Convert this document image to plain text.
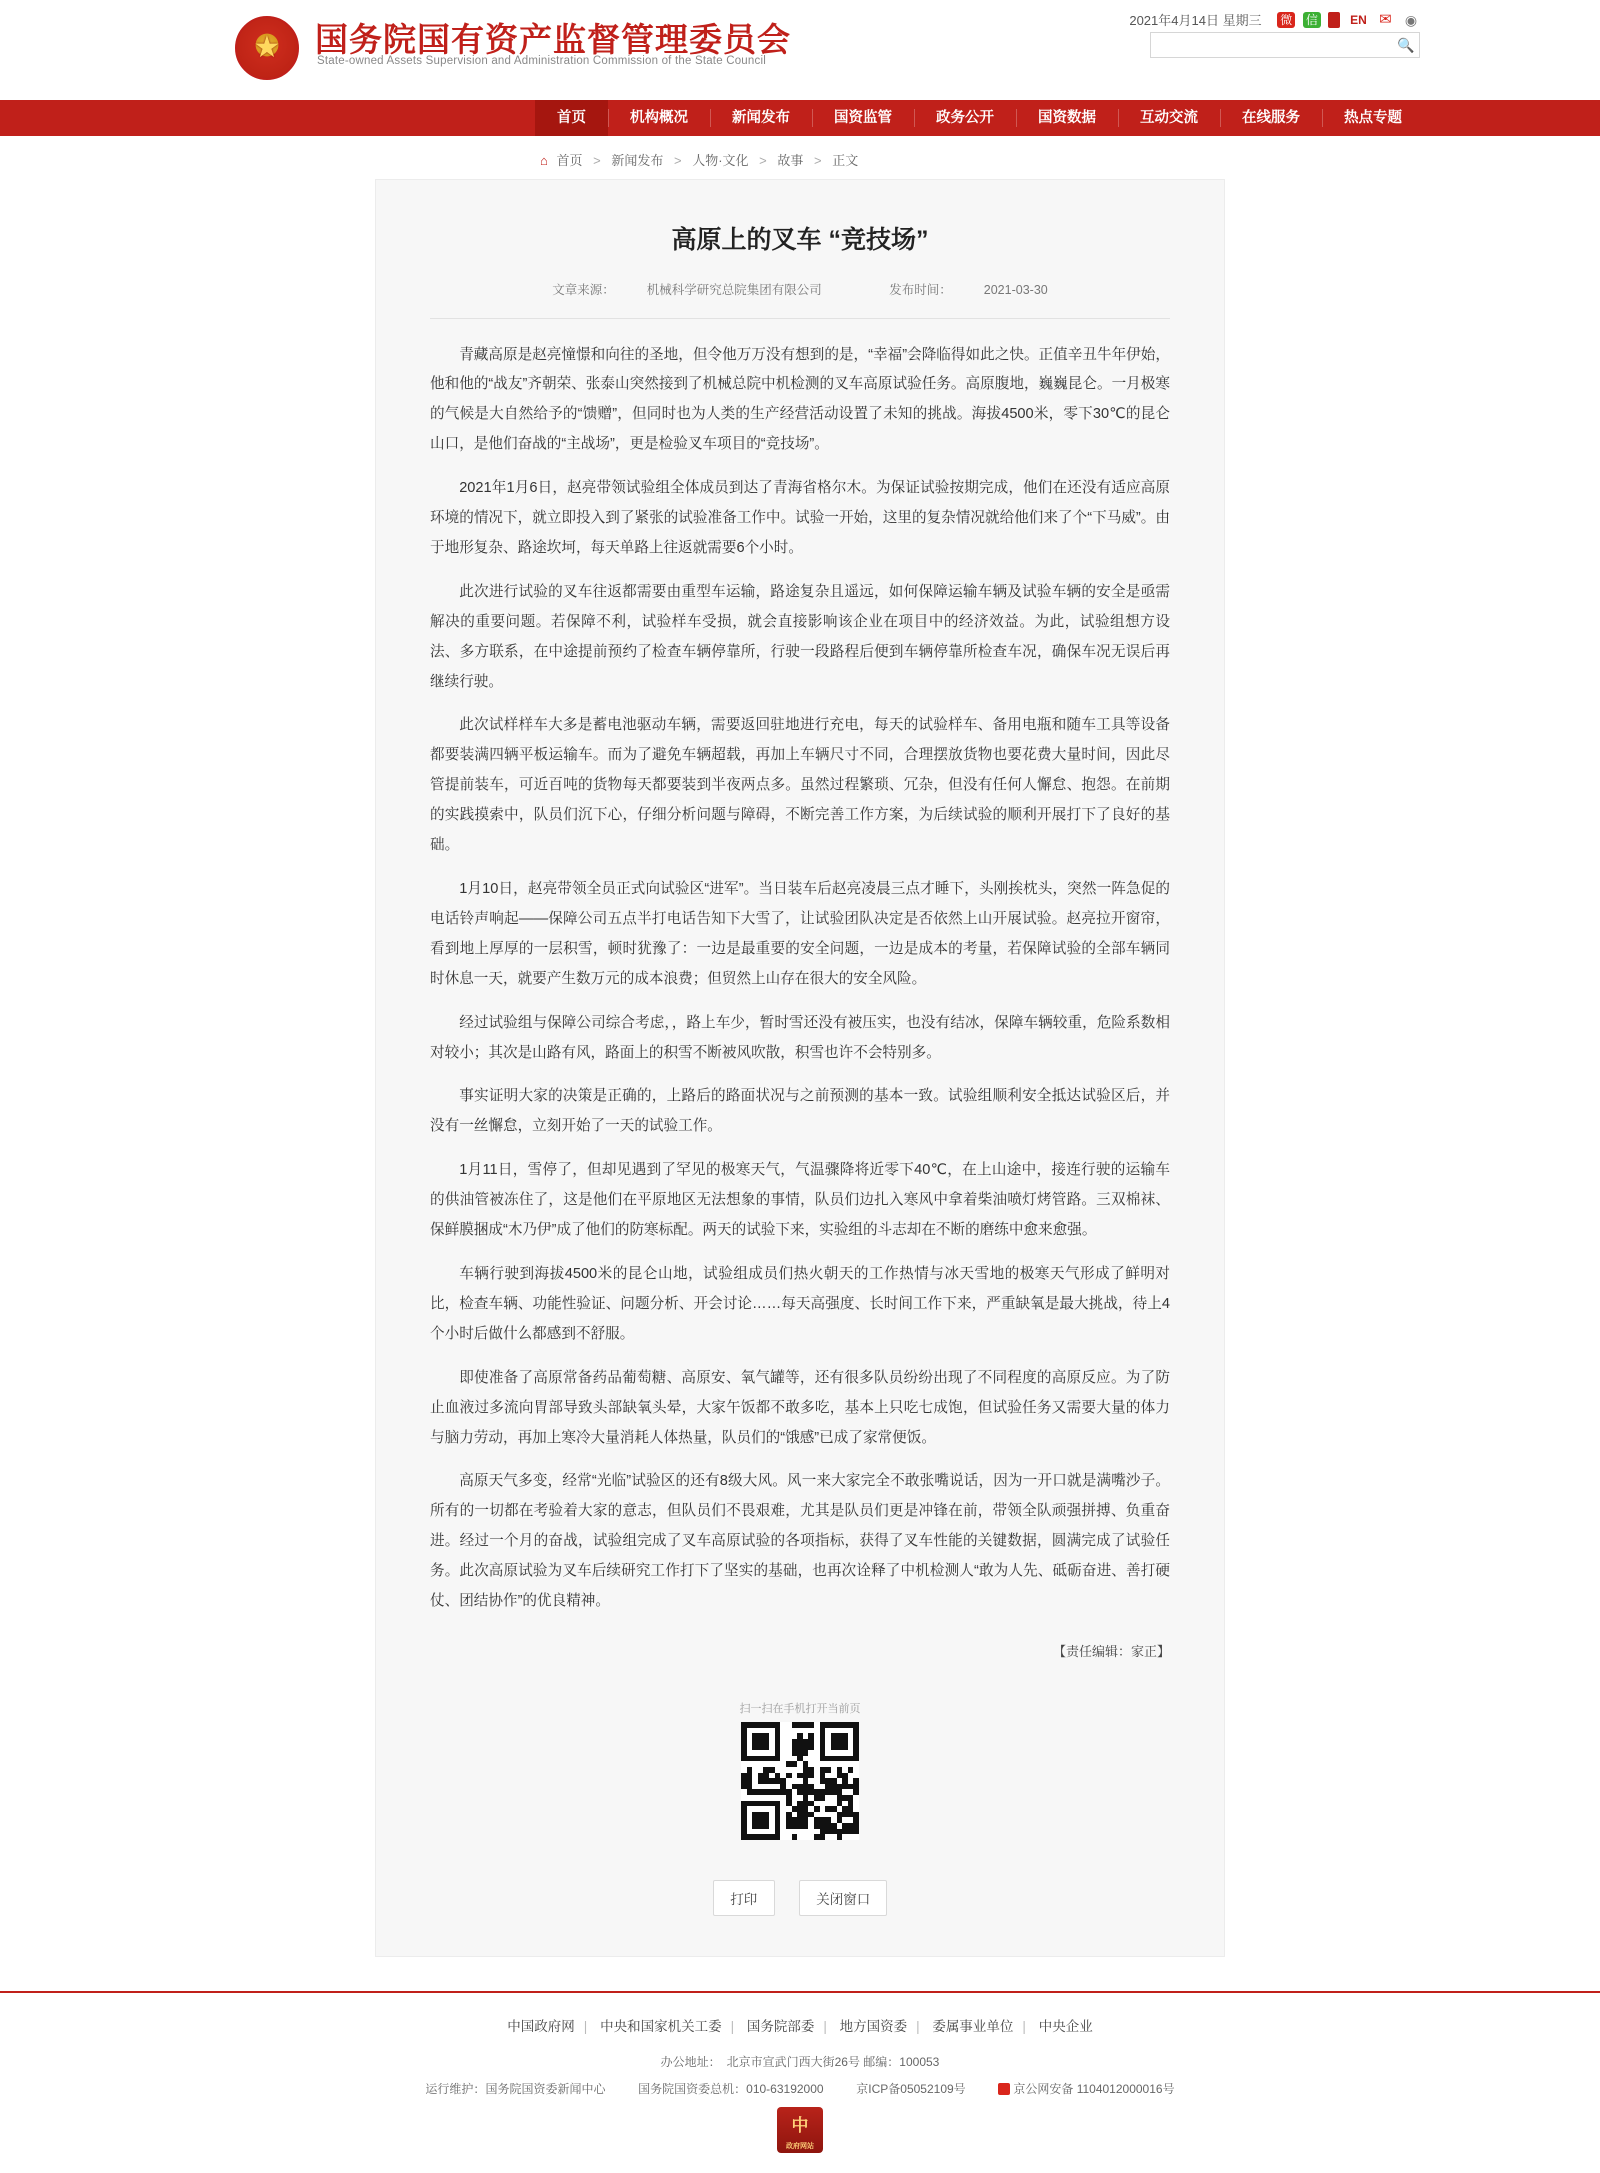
★ 国务院国有资产监督管理委员会
State-owned Assets Supervision and Administration Commission of the State Council
2021年4月14日 星期三 微 信	EN ✉ ◉
🔍
首页	机构概况	新闻发布	国资监管	政务公开	国资数据	互动交流	在线服务	热点专题
⌂ 首页 > 新闻发布 > 人物·文化 > 故事 > 正文
高原上的叉车 “竞技场”
文章来源：	机械科学研究总院集团有限公司	发布时间：	2021-03-30

青藏高原是赵亮憧憬和向往的圣地，但令他万万没有想到的是，“幸福”会降临得如此之快。正值辛丑牛年伊始，他和他的“战友”齐朝荣、张泰山突然接到了机械总院中机检测的叉车高原试验任务。高原腹地，巍巍昆仑。一月极寒的气候是大自然给予的“馈赠”，但同时也为人类的生产经营活动设置了未知的挑战。海拔4500米，零下30℃的昆仑山口，是他们奋战的“主战场”，更是检验叉车项目的“竞技场”。

2021年1月6日，赵亮带领试验组全体成员到达了青海省格尔木。为保证试验按期完成，他们在还没有适应高原环境的情况下，就立即投入到了紧张的试验准备工作中。试验一开始，这里的复杂情况就给他们来了个“下马威”。由于地形复杂、路途坎坷，每天单路上往返就需要6个小时。

此次进行试验的叉车往返都需要由重型车运输，路途复杂且遥远，如何保障运输车辆及试验车辆的安全是亟需解决的重要问题。若保障不利，试验样车受损，就会直接影响该企业在项目中的经济效益。为此，试验组想方设法、多方联系，在中途提前预约了检查车辆停靠所，行驶一段路程后便到车辆停靠所检查车况，确保车况无误后再继续行驶。

此次试样样车大多是蓄电池驱动车辆，需要返回驻地进行充电，每天的试验样车、备用电瓶和随车工具等设备都要装满四辆平板运输车。而为了避免车辆超载，再加上车辆尺寸不同，合理摆放货物也要花费大量时间，因此尽管提前装车，可近百吨的货物每天都要装到半夜两点多。虽然过程繁琐、冗杂，但没有任何人懈怠、抱怨。在前期的实践摸索中，队员们沉下心，仔细分析问题与障碍，不断完善工作方案，为后续试验的顺利开展打下了良好的基础。

1月10日，赵亮带领全员正式向试验区“进军”。当日装车后赵亮凌晨三点才睡下，头刚挨枕头，突然一阵急促的电话铃声响起——保障公司五点半打电话告知下大雪了，让试验团队决定是否依然上山开展试验。赵亮拉开窗帘，看到地上厚厚的一层积雪，顿时犹豫了：一边是最重要的安全问题，一边是成本的考量，若保障试验的全部车辆同时休息一天，就要产生数万元的成本浪费；但贸然上山存在很大的安全风险。

经过试验组与保障公司综合考虑，，路上车少，暂时雪还没有被压实，也没有结冰，保障车辆较重，危险系数相对较小；其次是山路有风，路面上的积雪不断被风吹散，积雪也许不会特别多。

事实证明大家的决策是正确的，上路后的路面状况与之前预测的基本一致。试验组顺利安全抵达试验区后，并没有一丝懈怠，立刻开始了一天的试验工作。

1月11日，雪停了，但却见遇到了罕见的极寒天气，气温骤降将近零下40℃，在上山途中，接连行驶的运输车的供油管被冻住了，这是他们在平原地区无法想象的事情，队员们边扎入寒风中拿着柴油喷灯烤管路。三双棉袜、保鲜膜捆成“木乃伊”成了他们的防寒标配。两天的试验下来，实验组的斗志却在不断的磨练中愈来愈强。

车辆行驶到海拔4500米的昆仑山地，试验组成员们热火朝天的工作热情与冰天雪地的极寒天气形成了鲜明对比，检查车辆、功能性验证、问题分析、开会讨论……每天高强度、长时间工作下来，严重缺氧是最大挑战，待上4个小时后做什么都感到不舒服。

即使准备了高原常备药品葡萄糖、高原安、氧气罐等，还有很多队员纷纷出现了不同程度的高原反应。为了防止血液过多流向胃部导致头部缺氧头晕，大家午饭都不敢多吃，基本上只吃七成饱，但试验任务又需要大量的体力与脑力劳动，再加上寒冷大量消耗人体热量，队员们的“饿感”已成了家常便饭。

高原天气多变，经常“光临”试验区的还有8级大风。风一来大家完全不敢张嘴说话，因为一开口就是满嘴沙子。所有的一切都在考验着大家的意志，但队员们不畏艰难，尤其是队员们更是冲锋在前，带领全队顽强拼搏、负重奋进。经过一个月的奋战，试验组完成了叉车高原试验的各项指标，获得了叉车性能的关键数据，圆满完成了试验任务。此次高原试验为叉车后续研究工作打下了坚实的基础，也再次诠释了中机检测人“敢为人先、砥砺奋进、善打硬仗、团结协作”的优良精神。

【责任编辑：家正】
扫一扫在手机打开当前页
打印	关闭窗口
中国政府网 | 中央和国家机关工委 | 国务院部委 | 地方国资委 | 委属事业单位 | 中央企业
办公地址：　北京市宣武门西大街26号 邮编：100053
运行维护：国务院国资委新闻中心	国务院国资委总机：010-63192000	京ICP备05052109号	京公网安备 1104012000016号
中
政府网站
